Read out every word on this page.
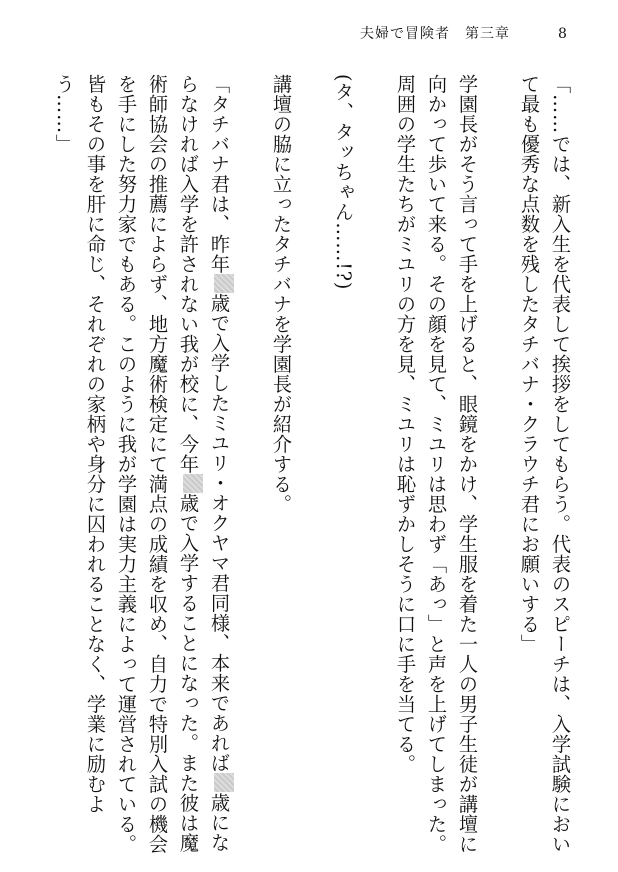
夫婦で冒険者　第三章	8

「……では、新入生を代表して挨拶をしてもらう。代表のスピーチは、入学試験において最も優秀な点数を残したタチバナ・クラウチ君にお願いする」

学園長がそう言って手を上げると、眼鏡をかけ、学生服を着た一人の男子生徒が講壇に向かって歩いて来る。その顔を見て、ミユリは思わず「あっ」と声を上げてしまった。周囲の学生たちがミユリの方を見、ミユリは恥ずかしそうに口に手を当てる。

(タ、タッちゃん……!?)

講壇の脇に立ったタチバナを学園長が紹介する。

「タチバナ君は、昨年歳で入学したミユリ・オクヤマ君同様、本来であれば歳にならなければ入学を許されない我が校に、今年歳で入学することになった。また彼は魔術師協会の推薦によらず、地方魔術検定にて満点の成績を収め、自力で特別入試の機会を手にした努力家でもある。このように我が学園は実力主義によって運営されている。皆もその事を肝に命じ、それぞれの家柄や身分に囚われることなく、学業に励むよう……」
